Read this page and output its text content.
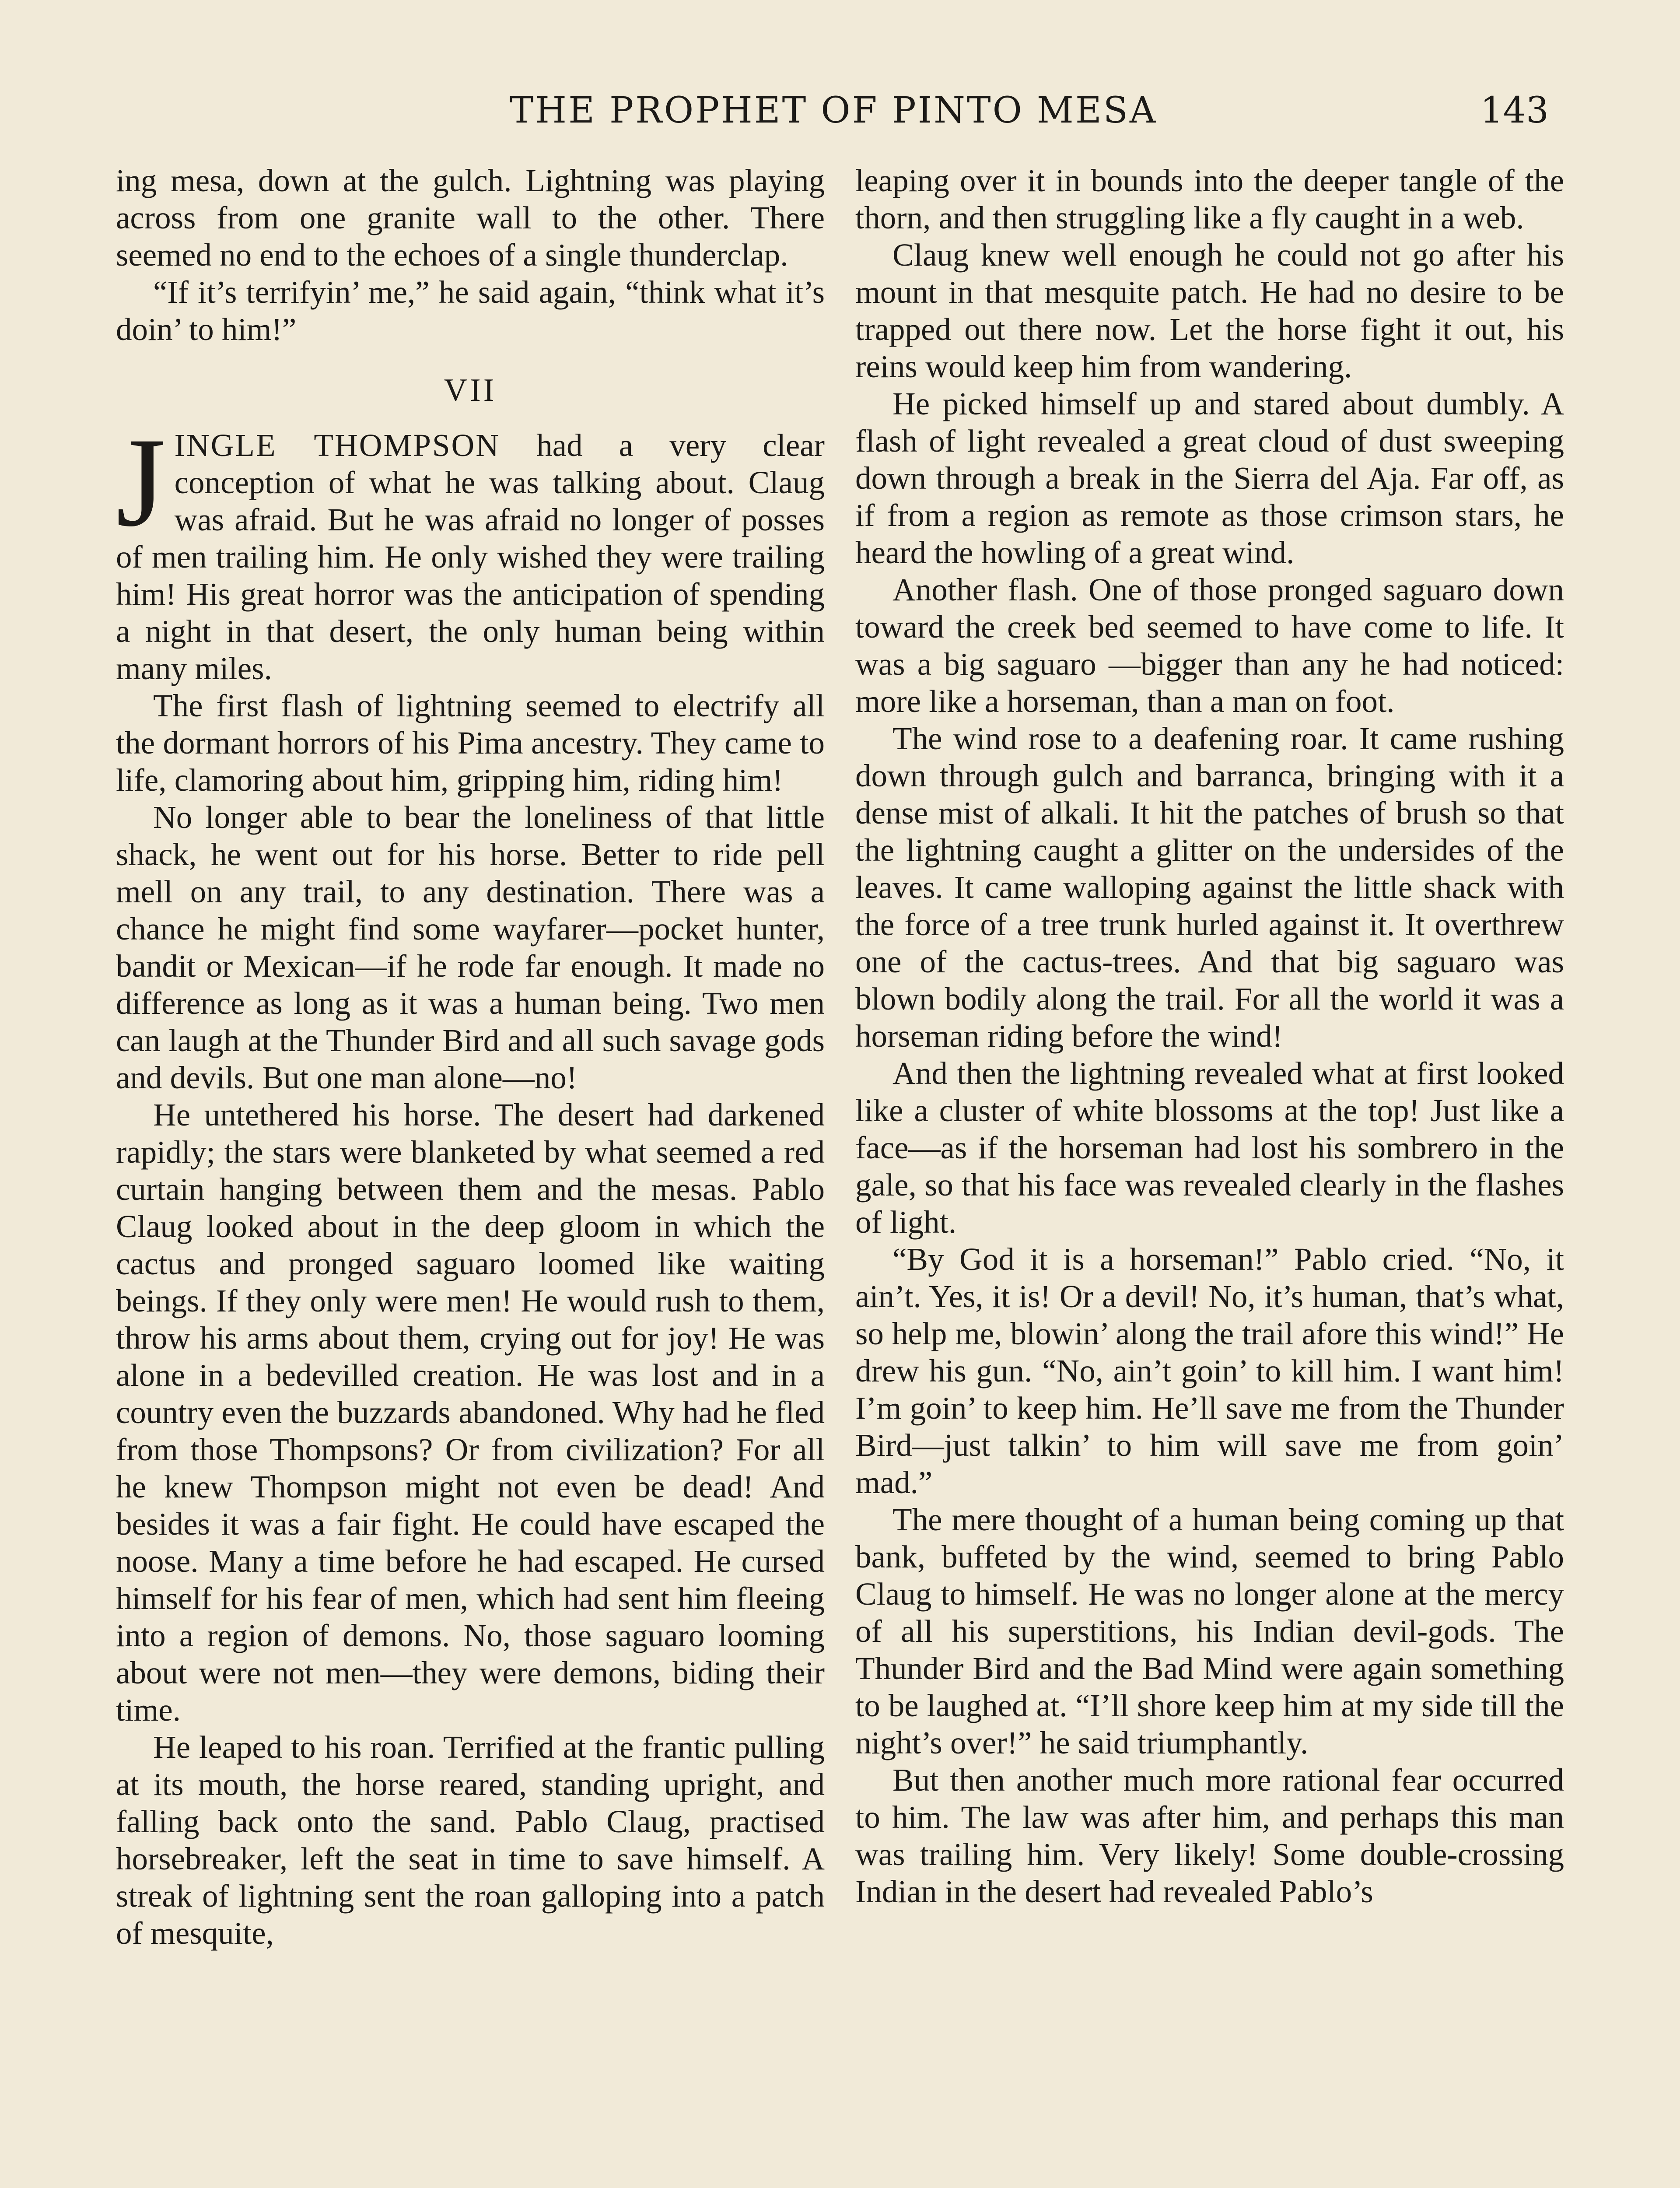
THE PROPHET OF PINTO MESA	143

ing mesa, down at the gulch. Lightning was playing across from one granite wall to the other. There seemed no end to the echoes of a single thunderclap.

“If it’s terrifyin’ me,” he said again, “think what it’s doin’ to him!”

VII

JINGLE THOMPSON had a very clear conception of what he was talking about. Claug was afraid. But he was afraid no longer of posses of men trailing him. He only wished they were trailing him! His great horror was the anticipation of spending a night in that desert, the only human being within many miles.

The first flash of lightning seemed to electrify all the dormant horrors of his Pima ancestry. They came to life, clamoring about him, gripping him, riding him!

No longer able to bear the loneliness of that little shack, he went out for his horse. Better to ride pell mell on any trail, to any destination. There was a chance he might find some wayfarer—pocket hunter, bandit or Mexican—if he rode far enough. It made no difference as long as it was a human being. Two men can laugh at the Thunder Bird and all such savage gods and devils. But one man alone—no!

He untethered his horse. The desert had darkened rapidly; the stars were blanketed by what seemed a red curtain hanging between them and the mesas. Pablo Claug looked about in the deep gloom in which the cactus and pronged saguaro loomed like waiting beings. If they only were men! He would rush to them, throw his arms about them, crying out for joy! He was alone in a bedevilled creation. He was lost and in a country even the buzzards abandoned. Why had he fled from those Thompsons? Or from civilization? For all he knew Thompson might not even be dead! And besides it was a fair fight. He could have escaped the noose. Many a time before he had escaped. He cursed himself for his fear of men, which had sent him fleeing into a region of demons. No, those saguaro looming about were not men—they were demons, biding their time.

He leaped to his roan. Terrified at the frantic pulling at its mouth, the horse reared, standing upright, and falling back onto the sand. Pablo Claug, practised horsebreaker, left the seat in time to save himself. A streak of lightning sent the roan galloping into a patch of mesquite,

leaping over it in bounds into the deeper tangle of the thorn, and then struggling like a fly caught in a web.

Claug knew well enough he could not go after his mount in that mesquite patch. He had no desire to be trapped out there now. Let the horse fight it out, his reins would keep him from wandering.

He picked himself up and stared about dumbly. A flash of light revealed a great cloud of dust sweeping down through a break in the Sierra del Aja. Far off, as if from a region as remote as those crimson stars, he heard the howling of a great wind.

Another flash. One of those pronged saguaro down toward the creek bed seemed to have come to life. It was a big saguaro —bigger than any he had noticed: more like a horseman, than a man on foot.

The wind rose to a deafening roar. It came rushing down through gulch and barranca, bringing with it a dense mist of alkali. It hit the patches of brush so that the lightning caught a glitter on the undersides of the leaves. It came walloping against the little shack with the force of a tree trunk hurled against it. It overthrew one of the cactus-trees. And that big saguaro was blown bodily along the trail. For all the world it was a horseman riding before the wind!

And then the lightning revealed what at first looked like a cluster of white blossoms at the top! Just like a face—as if the horseman had lost his sombrero in the gale, so that his face was revealed clearly in the flashes of light.

“By God it is a horseman!” Pablo cried. “No, it ain’t. Yes, it is! Or a devil! No, it’s human, that’s what, so help me, blowin’ along the trail afore this wind!” He drew his gun. “No, ain’t goin’ to kill him. I want him! I’m goin’ to keep him. He’ll save me from the Thunder Bird—just talkin’ to him will save me from goin’ mad.”

The mere thought of a human being coming up that bank, buffeted by the wind, seemed to bring Pablo Claug to himself. He was no longer alone at the mercy of all his superstitions, his Indian devil-gods. The Thunder Bird and the Bad Mind were again something to be laughed at. “I’ll shore keep him at my side till the night’s over!” he said triumphantly.

But then another much more rational fear occurred to him. The law was after him, and perhaps this man was trailing him. Very likely! Some double-crossing Indian in the desert had revealed Pablo’s
